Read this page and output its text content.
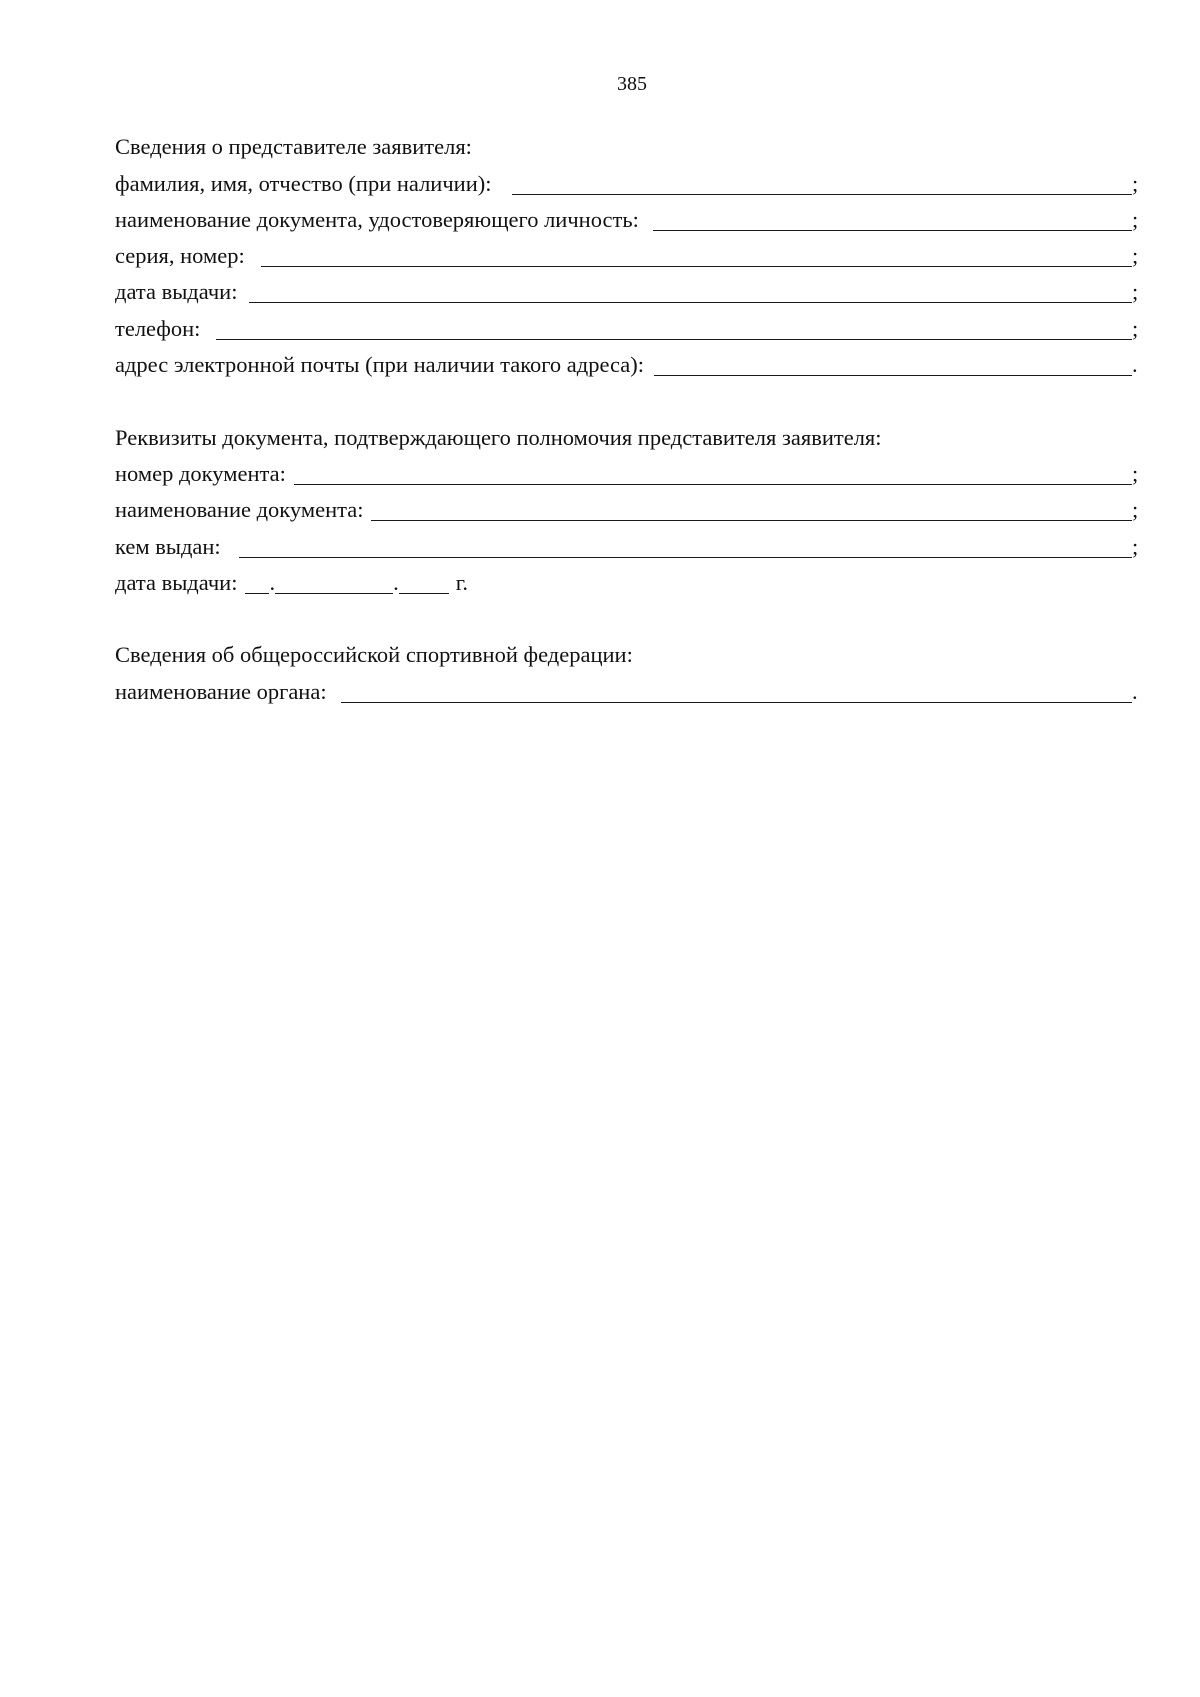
385
Сведения о представителе заявителя:
фамилия, имя, отчество (при наличии):	;
наименование документа, удостоверяющего личность:	;
серия, номер:	;
дата выдачи:	;
телефон:	;
адрес электронной почты (при наличии такого адреса):	.
Реквизиты документа, подтверждающего полномочия представителя заявителя:
номер документа:	;
наименование документа:	;
кем выдан:	;
дата выдачи: .	.	г.
Сведения об общероссийской спортивной федерации:
наименование органа:	.
